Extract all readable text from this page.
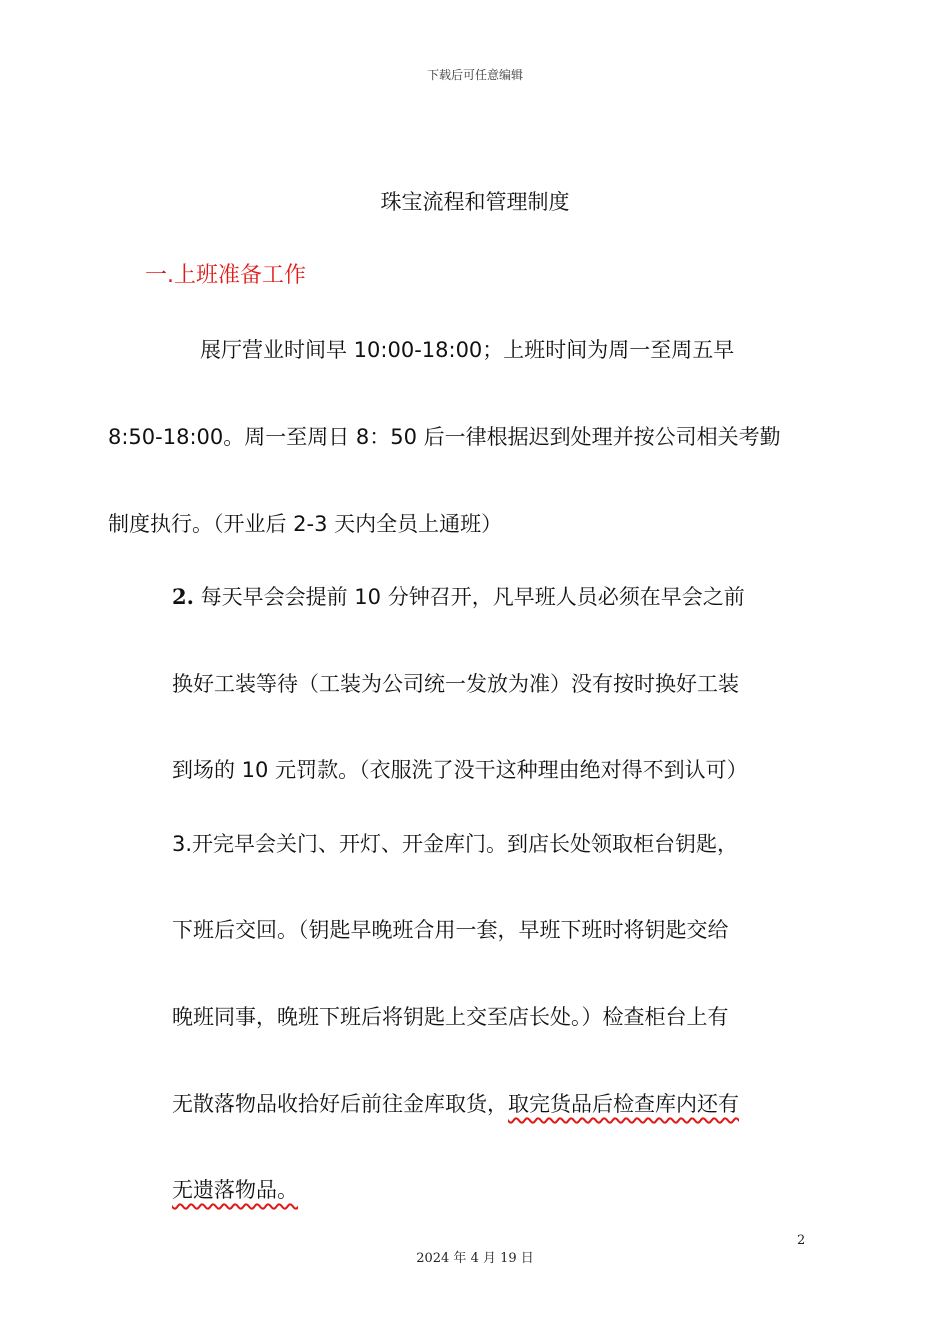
下载后可任意编辑
珠宝流程和管理制度
一.上班准备工作
展厅营业时间早 10:00-18:00；上班时间为周一至周五早
8:50-18:00。周一至周日 8：50 后一律根据迟到处理并按公司相关考勤
制度执行。（开业后 2-3 天内全员上通班）
2. 每天早会会提前 10 分钟召开，凡早班人员必须在早会之前
换好工装等待（工装为公司统一发放为准）没有按时换好工装
到场的 10 元罚款。（衣服洗了没干这种理由绝对得不到认可）
3.开完早会关门、开灯、开金库门。到店长处领取柜台钥匙，
下班后交回。（钥匙早晚班合用一套，早班下班时将钥匙交给
晚班同事，晚班下班后将钥匙上交至店长处。）检查柜台上有
无散落物品收拾好后前往金库取货，取完货品后检查库内还有
无遗落物品。
2
2024 年 4 月 19 日
